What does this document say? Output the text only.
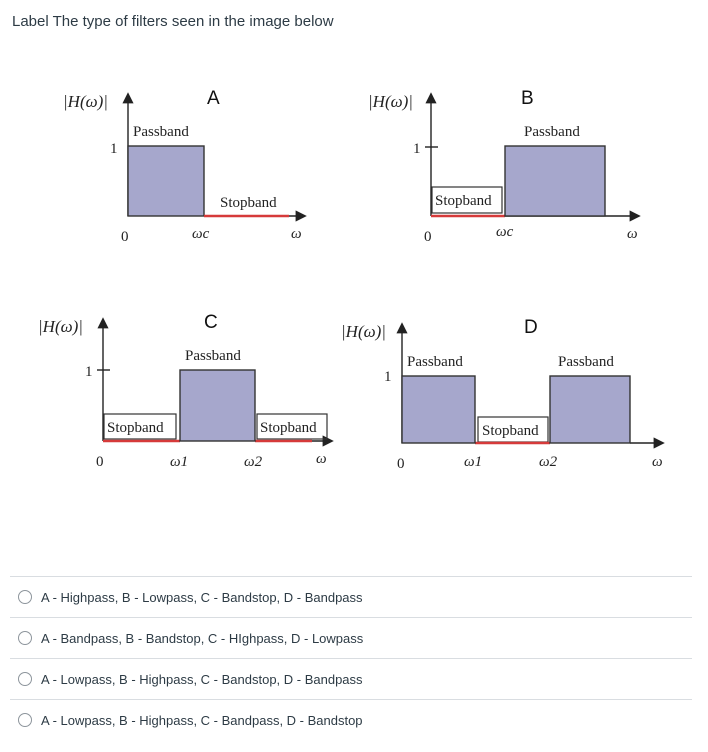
Label The type of filters seen in the image below
A
|H(ω)|
Passband
Stopband
1
0	ωc	ω
B
|H(ω)|
Passband
Stopband
1
0	ωc	ω
C
|H(ω)|
Passband
Stopband	Stopband
1
0	ω1	ω2	ω
D
|H(ω)|
Passband	Passband
Stopband
1
0	ω1	ω2	ω
A - Highpass, B - Lowpass, C - Bandstop, D - Bandpass
A - Bandpass, B - Bandstop, C - HIghpass, D - Lowpass
A - Lowpass, B - Highpass, C - Bandstop, D - Bandpass
A - Lowpass, B - Highpass, C - Bandpass, D - Bandstop
